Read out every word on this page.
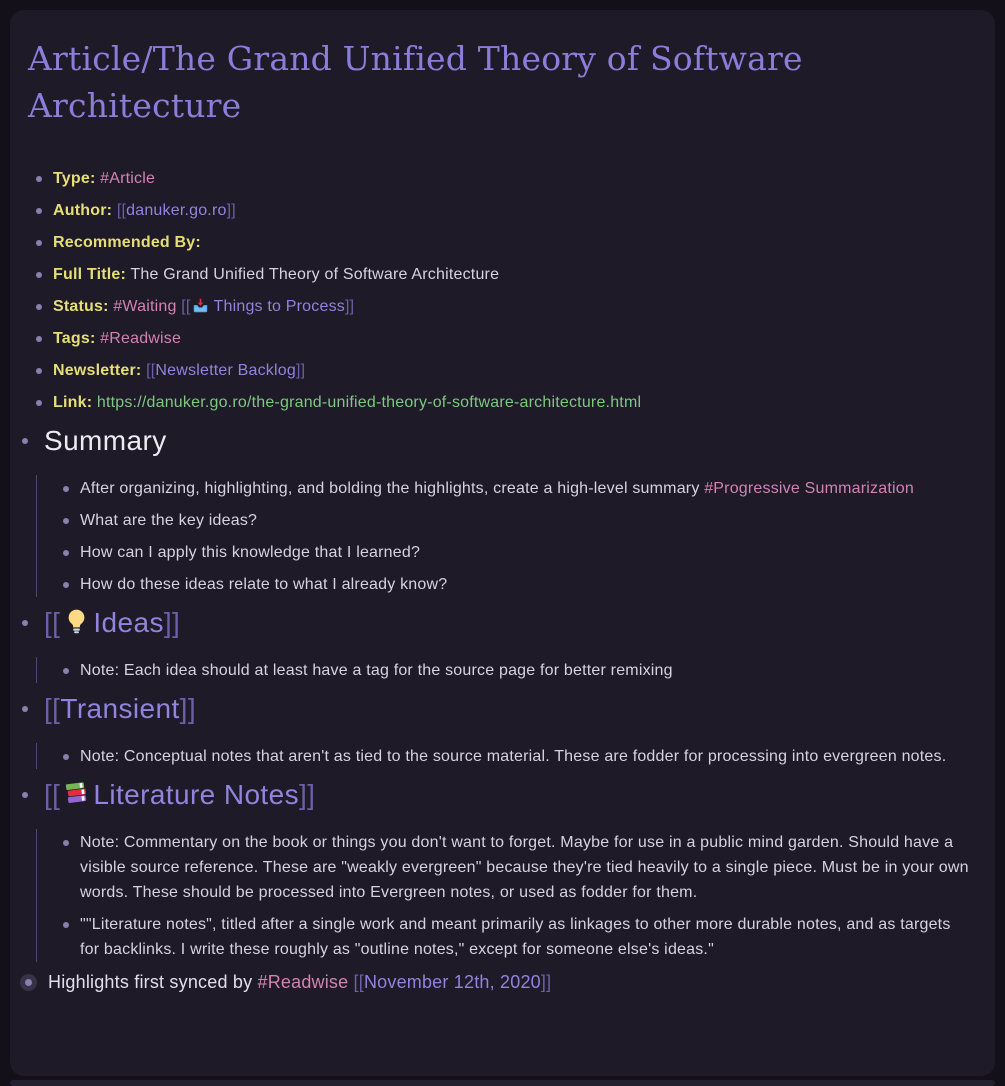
Article/The Grand Unified Theory of Software Architecture
Type: #Article
Author: [[danuker.go.ro]]
Recommended By:
Full Title: The Grand Unified Theory of Software Architecture
Status: #Waiting [[ Things to Process]]
Tags: #Readwise
Newsletter: [[Newsletter Backlog]]
Link: https://danuker.go.ro/the-grand-unified-theory-of-software-architecture.html
Summary
After organizing, highlighting, and bolding the highlights, create a high-level summary #Progressive Summarization
What are the key ideas?
How can I apply this knowledge that I learned?
How do these ideas relate to what I already know?
[[ Ideas]]
Note: Each idea should at least have a tag for the source page for better remixing
[[Transient]]
Note: Conceptual notes that aren't as tied to the source material. These are fodder for processing into evergreen notes.
[[ Literature Notes]]
Note: Commentary on the book or things you don't want to forget. Maybe for use in a public mind garden. Should have a visible source reference. These are "weakly evergreen" because they're tied heavily to a single piece. Must be in your own words. These should be processed into Evergreen notes, or used as fodder for them.
""Literature notes", titled after a single work and meant primarily as linkages to other more durable notes, and as targets for backlinks. I write these roughly as "outline notes," except for someone else's ideas."
Highlights first synced by #Readwise [[November 12th, 2020]]
